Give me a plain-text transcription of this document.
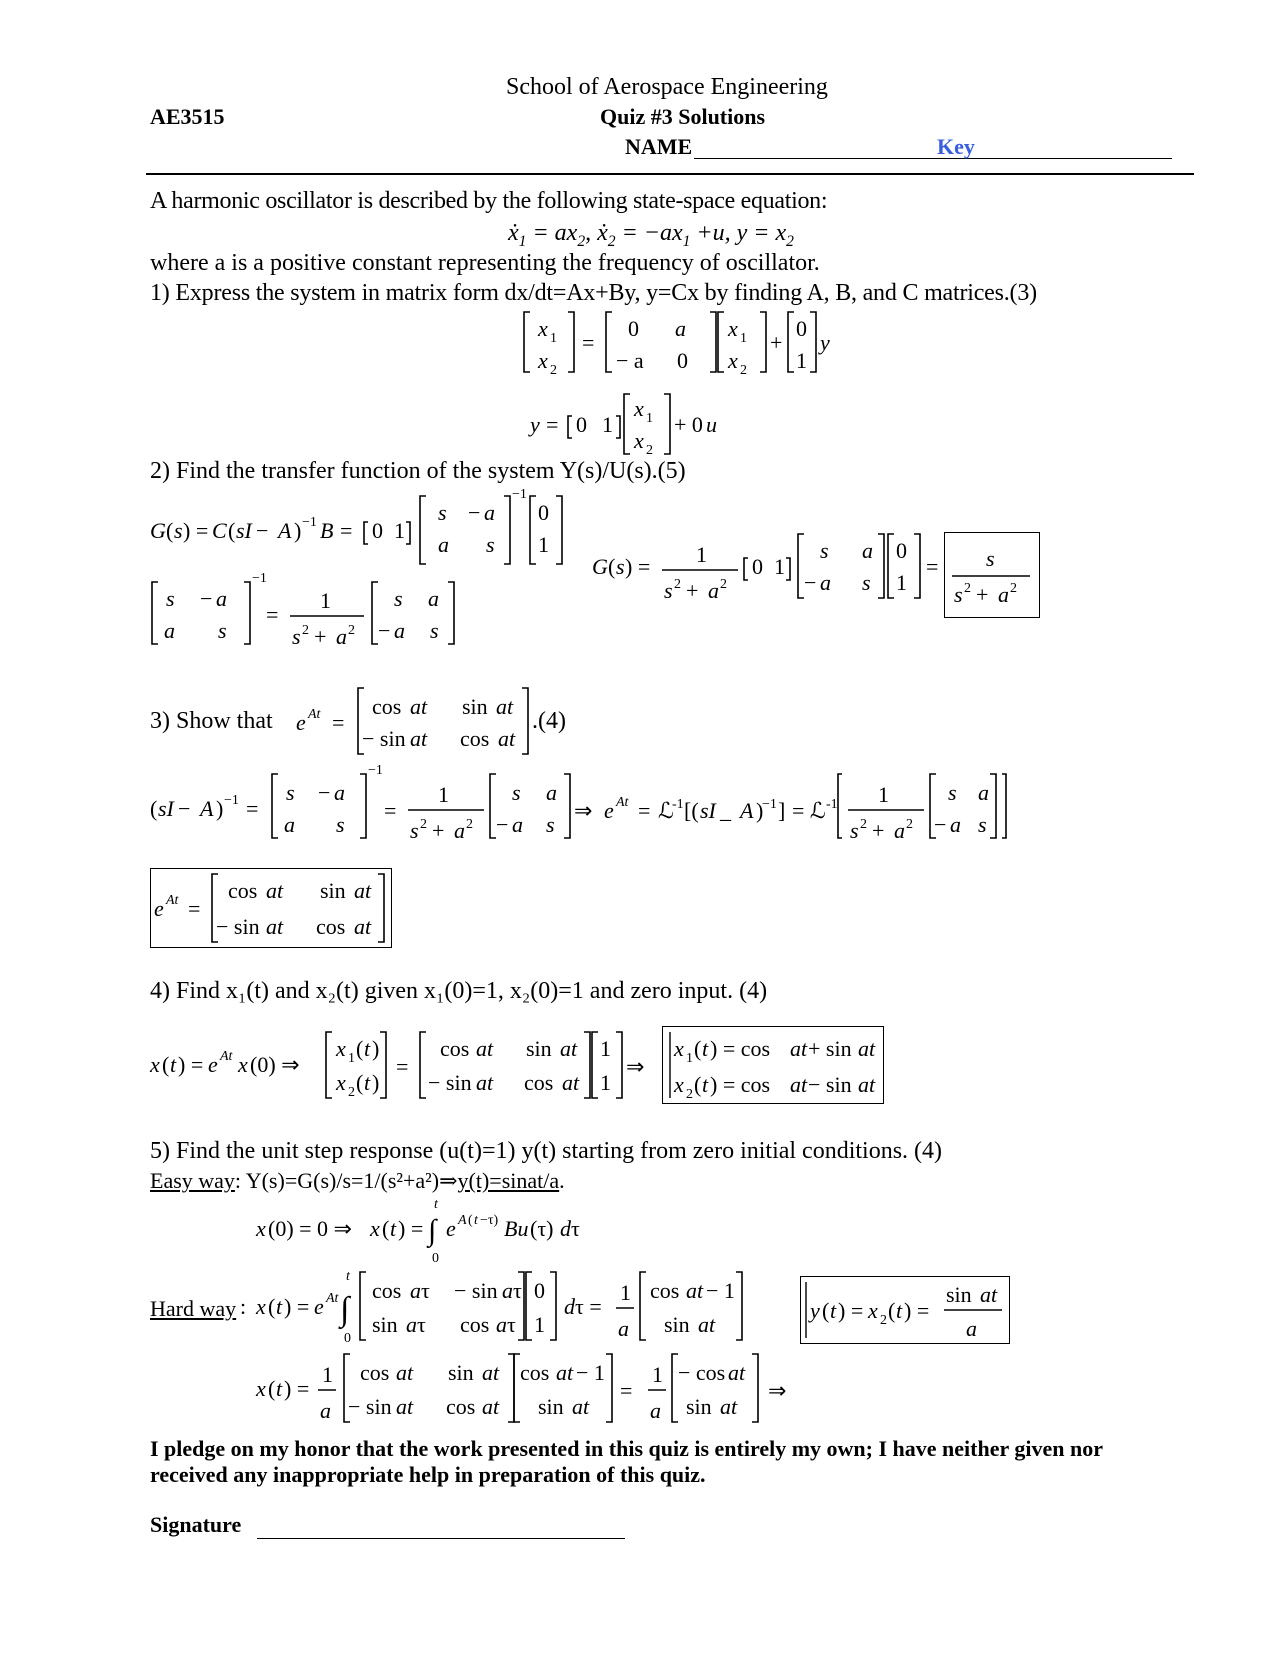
School of Aerospace Engineering
AE3515	Quiz #3 Solutions
NAME	Key
A harmonic oscillator is described by the following state-space equation:
ẋ$_1$ = $ax_2$, ẋ$_2$ = $-ax_1 +u$, $y = x_2$
where a is a positive constant representing the frequency of oscillator.
1) Express the system in matrix form dx/dt=Ax+By, y=Cx by finding A, B, and C matrices.(3)
x 1
x 2
=
0 a
− a 0
x 1
x 2
+
0
1
y
y = 0 1
x 1
x 2
+ 0 u
2) Find the transfer function of the system Y(s)/U(s).(5)
G ( s ) = C ( sI − A ) −1 B = 0 1
s − a
a s
−1
0
1
s − a
a s
−1
=
1
s 2 + a 2
s a
− a s
G ( s ) = 1
s 2 + a 2
0 1
s a
− a s
0
1
= s
s 2 + a 2
3) Show that e At =
cos at sin at
− sin at cos at
.(4)
( sI − A ) −1 =
s − a
a s
−1
=
1
s 2 + a 2
s a
− a s
⇒ e At = ℒ
-1 [( sI _ A )
−1 ] = ℒ -1 1
s 2 + a 2
s a
− a s
e At =
cos at sin at
− sin at cos at
4) Find x₁(t) and x₂(t) given x₁(0)=1, x₂(0)=1 and zero input. (4)
x ( t ) = e At x (0) ⇒
x 1 ( t )
x 2 ( t )
=
cos at sin at
− sin at cos at
1
1
⇒
x 1 ( t ) = cos at + sin at
x 2 ( t ) = cos at − sin at
5) Find the unit step response (u(t)=1) y(t) starting from zero initial conditions. (4)
Easy way: Y(s)=G(s)/s=1/(s²+a²)⇒y(t)=sinat/a.
x (0) = 0 ⇒ x ( t ) =
t
∫
0
e A ( t −τ) Bu (τ) d τ
Hard way : x ( t ) = e At
t
∫
0
cos a τ − sin a τ
sin a τ cos a τ
0
1
d τ =
1
a
cos at − 1
sin at
y ( t ) = x 2 ( t ) =
sin at
a
x ( t ) =
1
a
cos at sin at
− sin at cos at
cos at − 1
sin at
=
1
a
− cos at
sin at
⇒
I pledge on my honor that the work presented in this quiz is entirely my own; I have neither given nor
received any inappropriate help in preparation of this quiz.
Signature
